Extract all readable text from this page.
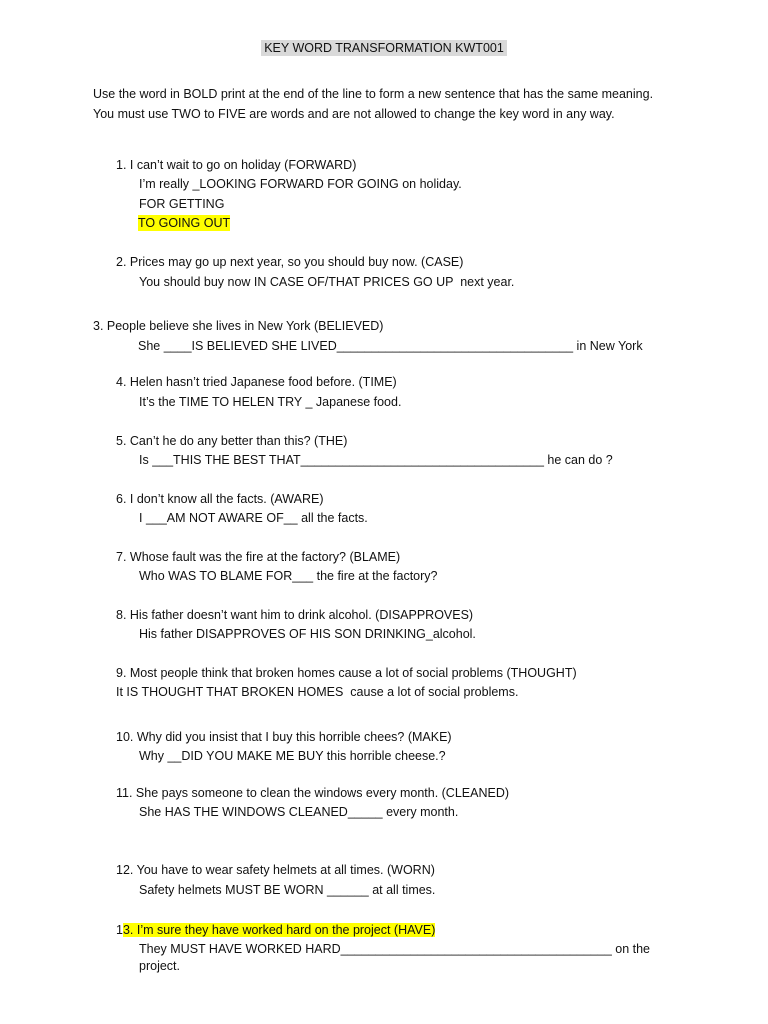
KEY WORD TRANSFORMATION KWT001
Use the word in BOLD print at the end of the line to form a new sentence that has the same meaning. You must use TWO to FIVE are words and are not allowed to change the key word in any way.
1. I can’t wait to go on holiday (FORWARD)
I’m really _LOOKING FORWARD FOR GOING on holiday.
FOR GETTING
TO GOING OUT
2. Prices may go up next year, so you should buy now. (CASE)
You should buy now IN CASE OF/THAT PRICES GO UP  next year.
3. People believe she lives in New York (BELIEVED)
She ____IS BELIEVED SHE LIVED__________________________________ in New York
4. Helen hasn’t tried Japanese food before. (TIME)
It’s the TIME TO HELEN TRY _ Japanese food.
5. Can’t he do any better than this? (THE)
Is ___THIS THE BEST THAT___________________________________ he can do ?
6. I don’t know all the facts. (AWARE)
I ___AM NOT AWARE OF__ all the facts.
7. Whose fault was the fire at the factory? (BLAME)
Who WAS TO BLAME FOR___ the fire at the factory?
8. His father doesn’t want him to drink alcohol. (DISAPPROVES)
His father DISAPPROVES OF HIS SON DRINKING_alcohol.
9. Most people think that broken homes cause a lot of social problems (THOUGHT)
It IS THOUGHT THAT BROKEN HOMES  cause a lot of social problems.
10. Why did you insist that I buy this horrible chees? (MAKE)
Why __DID YOU MAKE ME BUY this horrible cheese.?
11. She pays someone to clean the windows every month. (CLEANED)
She HAS THE WINDOWS CLEANED_____ every month.
12. You have to wear safety helmets at all times. (WORN)
Safety helmets MUST BE WORN ______ at all times.
13. I’m sure they have worked hard on the project (HAVE)
They MUST HAVE WORKED HARD_______________________________________ on the
project.
